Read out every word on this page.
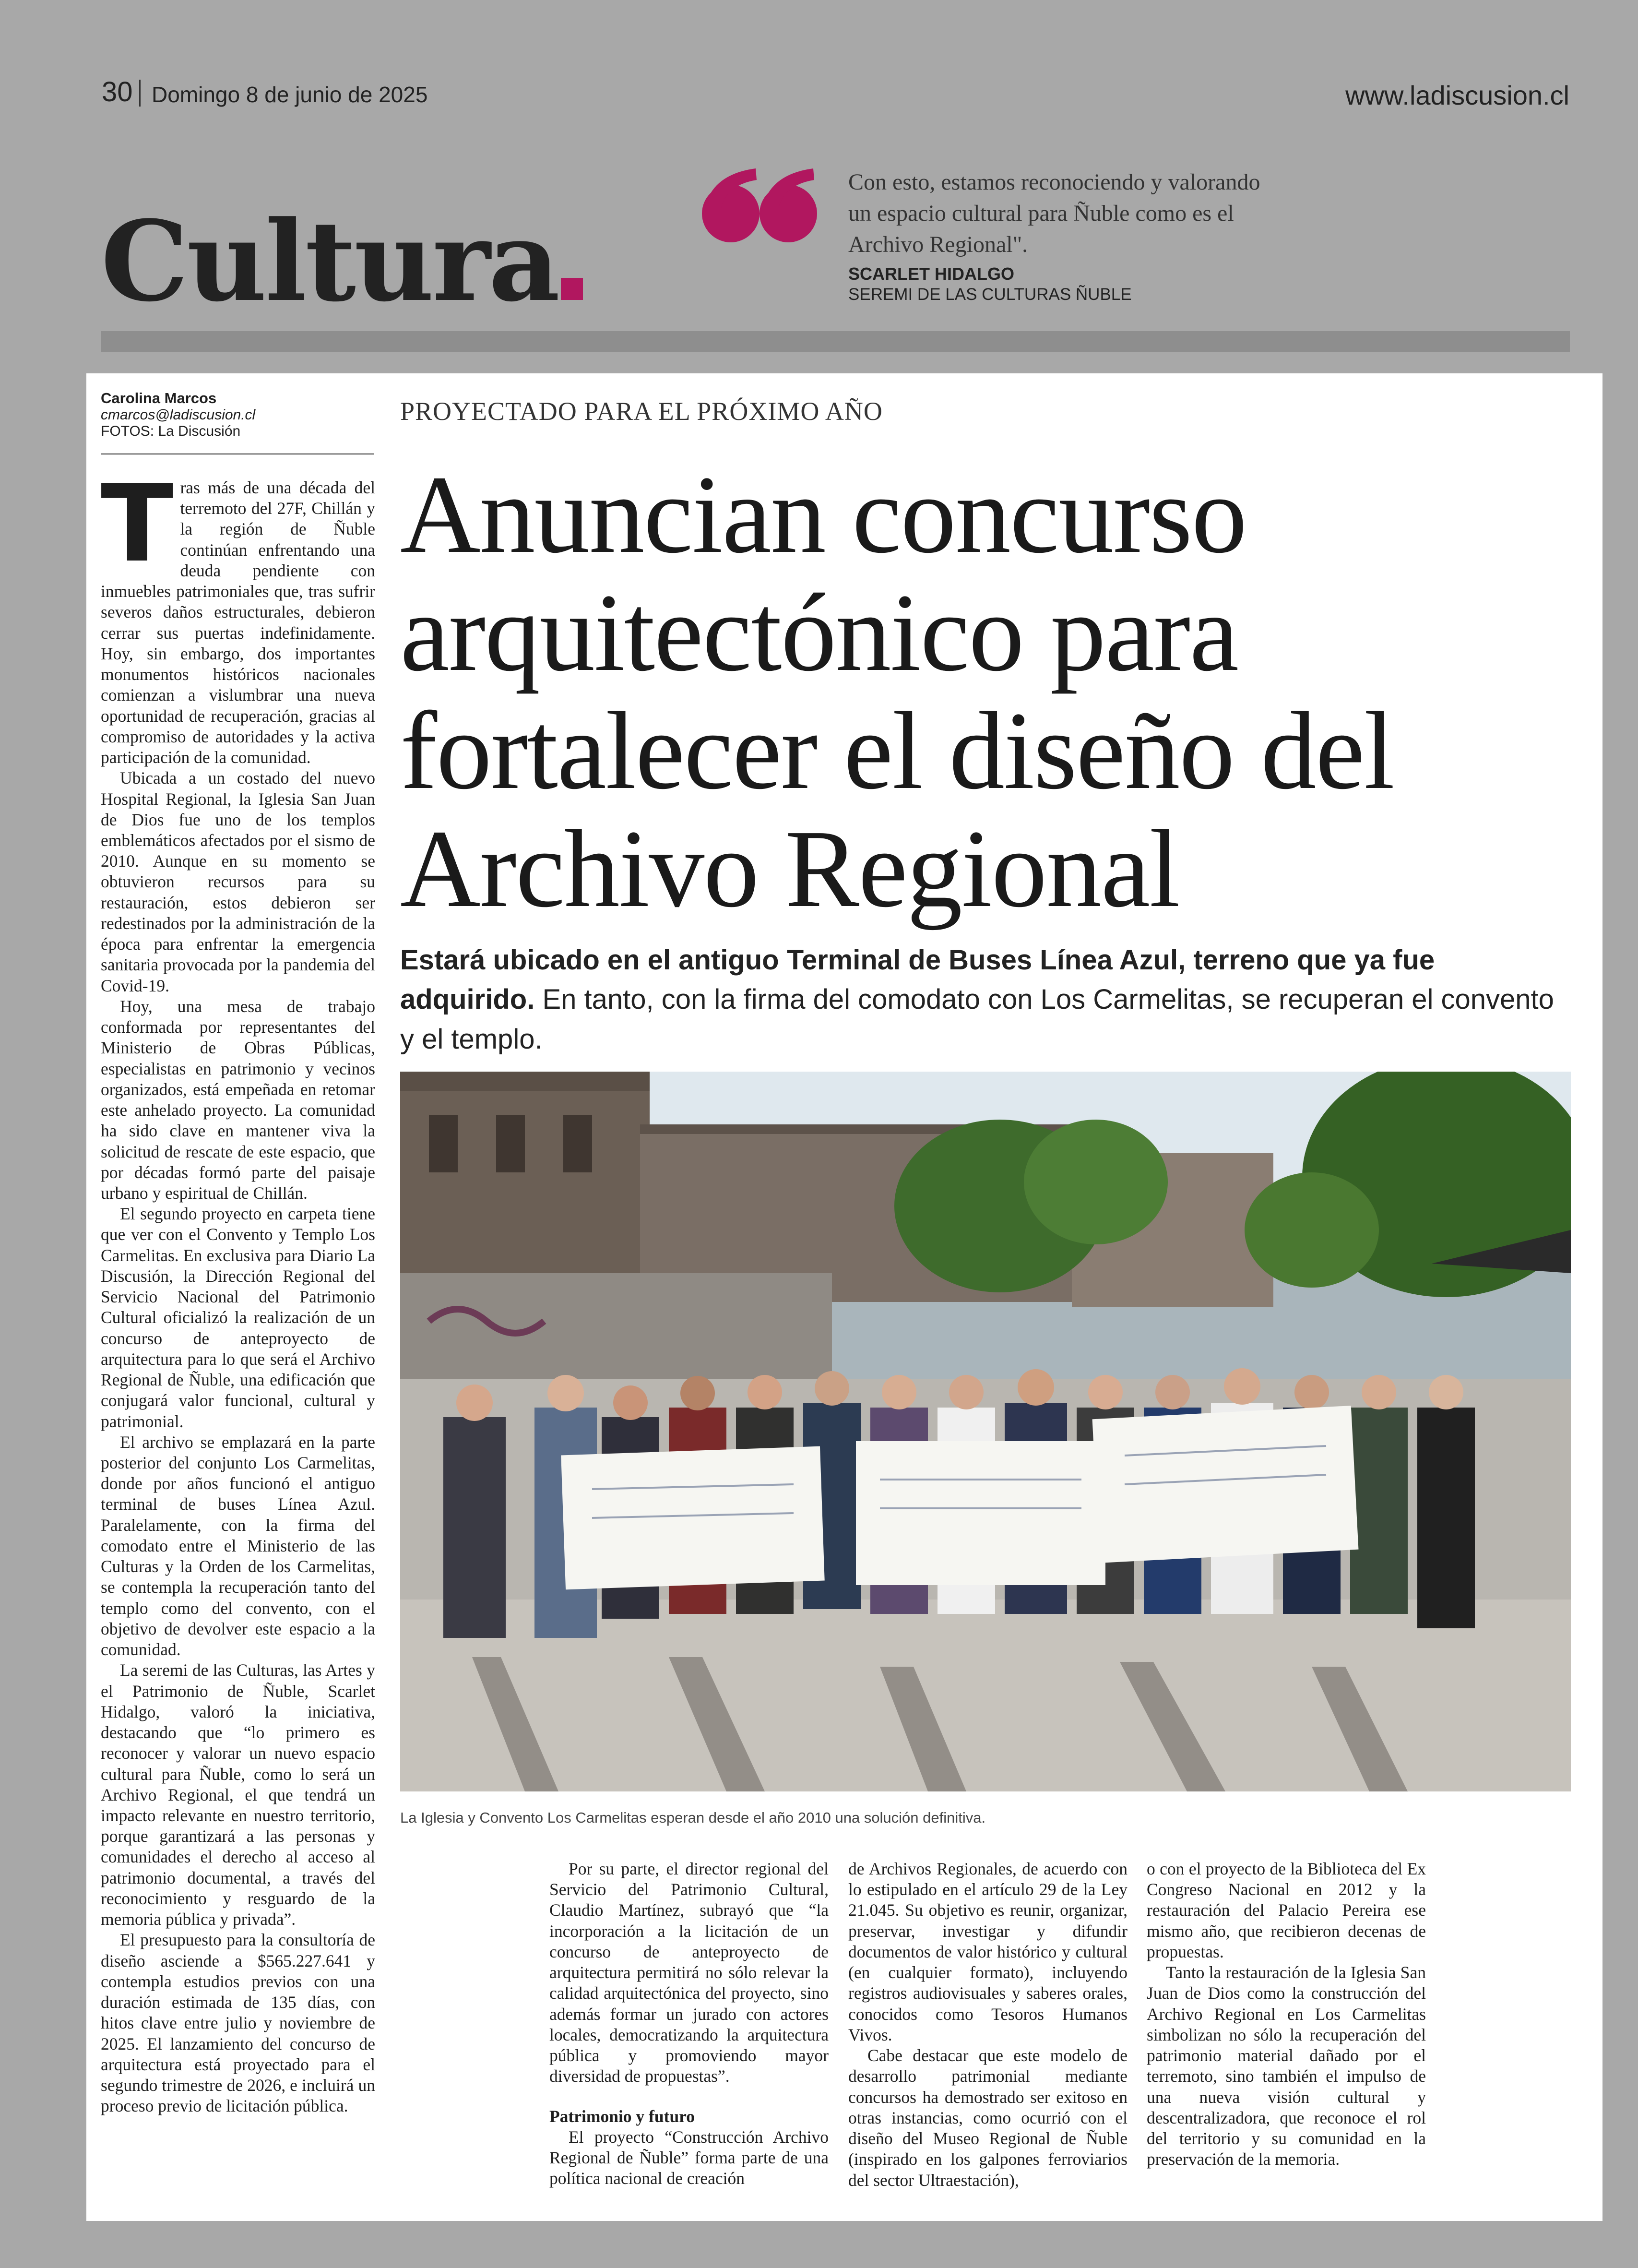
30 Domingo 8 de junio de 2025	www.ladiscusion.cl
Cultura
Con esto, estamos reconociendo y valorando un espacio cultural para Ñuble como es el Archivo Regional".
SCARLET HIDALGO
SEREMI DE LAS CULTURAS ÑUBLE
Carolina Marcos
cmarcos@ladiscusion.cl
FOTOS: La Discusión

Tras más de una década del terremoto del 27F, Chillán y la región de Ñuble continúan enfrentando una deuda pendiente con inmuebles patrimoniales que, tras sufrir severos daños estructurales, debieron cerrar sus puertas indefinidamente. Hoy, sin embargo, dos importantes monumentos históricos nacionales comienzan a vislumbrar una nueva oportunidad de recuperación, gracias al compromiso de autoridades y la activa participación de la comunidad.

Ubicada a un costado del nuevo Hospital Regional, la Iglesia San Juan de Dios fue uno de los templos emblemáticos afectados por el sismo de 2010. Aunque en su momento se obtuvieron recursos para su restauración, estos debieron ser redestinados por la administración de la época para enfrentar la emergencia sanitaria provocada por la pandemia del Covid-19.

Hoy, una mesa de trabajo conformada por representantes del Ministerio de Obras Públicas, especialistas en patrimonio y vecinos organizados, está empeñada en retomar este anhelado proyecto. La comunidad ha sido clave en mantener viva la solicitud de rescate de este espacio, que por décadas formó parte del paisaje urbano y espiritual de Chillán.

El segundo proyecto en carpeta tiene que ver con el Convento y Templo Los Carmelitas. En exclusiva para Diario La Discusión, la Dirección Regional del Servicio Nacional del Patrimonio Cultural oficializó la realización de un concurso de anteproyecto de arquitectura para lo que será el Archivo Regional de Ñuble, una edificación que conjugará valor funcional, cultural y patrimonial.

El archivo se emplazará en la parte posterior del conjunto Los Carmelitas, donde por años funcionó el antiguo terminal de buses Línea Azul. Paralelamente, con la firma del comodato entre el Ministerio de las Culturas y la Orden de los Carmelitas, se contempla la recuperación tanto del templo como del convento, con el objetivo de devolver este espacio a la comunidad.

La seremi de las Culturas, las Artes y el Patrimonio de Ñuble, Scarlet Hidalgo, valoró la iniciativa, destacando que “lo primero es reconocer y valorar un nuevo espacio cultural para Ñuble, como lo será un Archivo Regional, el que tendrá un impacto relevante en nuestro territorio, porque garantizará a las personas y comunidades el derecho al acceso al patrimonio documental, a través del reconocimiento y resguardo de la memoria pública y privada”.

El presupuesto para la consultoría de diseño asciende a $565.227.641 y contempla estudios previos con una duración estimada de 135 días, con hitos clave entre julio y noviembre de 2025. El lanzamiento del concurso de arquitectura está proyectado para el segundo trimestre de 2026, e incluirá un proceso previo de licitación pública.

PROYECTADO PARA EL PRÓXIMO AÑO
Anuncian concurso arquitectónico para fortalecer el diseño del Archivo Regional
Estará ubicado en el antiguo Terminal de Buses Línea Azul, terreno que ya fue adquirido. En tanto, con la firma del comodato con Los Carmelitas, se recuperan el convento y el templo.
La Iglesia y Convento Los Carmelitas esperan desde el año 2010 una solución definitiva.

Por su parte, el director regional del Servicio del Patrimonio Cultural, Claudio Martínez, subrayó que “la incorporación a la licitación de un concurso de anteproyecto de arquitectura permitirá no sólo relevar la calidad arquitectónica del proyecto, sino además formar un jurado con actores locales, democratizando la arquitectura pública y promoviendo mayor diversidad de propuestas”.

Patrimonio y futuro

El proyecto “Construcción Archivo Regional de Ñuble” forma parte de una política nacional de creación

de Archivos Regionales, de acuerdo con lo estipulado en el artículo 29 de la Ley 21.045. Su objetivo es reunir, organizar, preservar, investigar y difundir documentos de valor histórico y cultural (en cualquier formato), incluyendo registros audiovisuales y saberes orales, conocidos como Tesoros Humanos Vivos.

Cabe destacar que este modelo de desarrollo patrimonial mediante concursos ha demostrado ser exitoso en otras instancias, como ocurrió con el diseño del Museo Regional de Ñuble (inspirado en los galpones ferroviarios del sector Ultraestación),

o con el proyecto de la Biblioteca del Ex Congreso Nacional en 2012 y la restauración del Palacio Pereira ese mismo año, que recibieron decenas de propuestas.

Tanto la restauración de la Iglesia San Juan de Dios como la construcción del Archivo Regional en Los Carmelitas simbolizan no sólo la recuperación del patrimonio material dañado por el terremoto, sino también el impulso de una nueva visión cultural y descentralizadora, que reconoce el rol del territorio y su comunidad en la preservación de la memoria.
